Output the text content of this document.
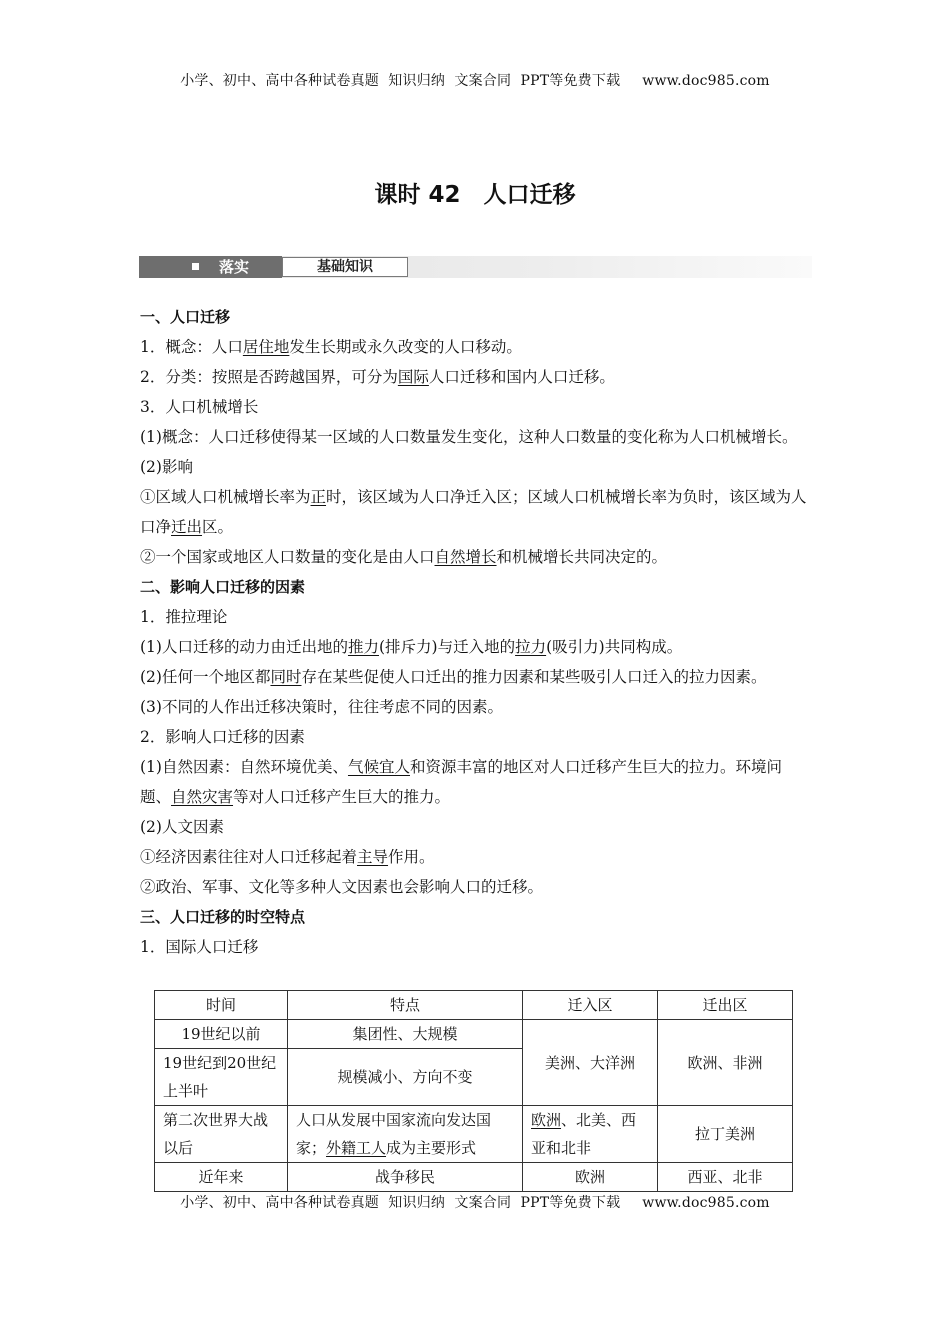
小学、初中、高中各种试卷真题  知识归纳  文案合同  PPT等免费下载 www.doc985.com
课时 42　人口迁移
落实	基础知识

一、人口迁移

1．概念：人口居住地发生长期或永久改变的人口移动。

2．分类：按照是否跨越国界，可分为国际人口迁移和国内人口迁移。

3．人口机械增长

(1)概念：人口迁移使得某一区域的人口数量发生变化，这种人口数量的变化称为人口机械增长。

(2)影响

①区域人口机械增长率为正时，该区域为人口净迁入区；区域人口机械增长率为负时，该区域为人口净迁出区。

②一个国家或地区人口数量的变化是由人口自然增长和机械增长共同决定的。

二、影响人口迁移的因素

1．推拉理论

(1)人口迁移的动力由迁出地的推力(排斥力)与迁入地的拉力(吸引力)共同构成。

(2)任何一个地区都同时存在某些促使人口迁出的推力因素和某些吸引人口迁入的拉力因素。

(3)不同的人作出迁移决策时，往往考虑不同的因素。

2．影响人口迁移的因素

(1)自然因素：自然环境优美、气候宜人和资源丰富的地区对人口迁移产生巨大的拉力。环境问题、自然灾害等对人口迁移产生巨大的推力。

(2)人文因素

①经济因素往往对人口迁移起着主导作用。

②政治、军事、文化等多种人文因素也会影响人口的迁移。

三、人口迁移的时空特点

1．国际人口迁移

时间	特点	迁入区	迁出区
19世纪以前	集团性、大规模	美洲、大洋洲	欧洲、非洲
19世纪到20世纪上半叶	规模减小、方向不变		
第二次世界大战以后	人口从发展中国家流向发达国家；外籍工人成为主要形式	欧洲、北美、西亚和北非	拉丁美洲
近年来	战争移民	欧洲	西亚、北非
小学、初中、高中各种试卷真题  知识归纳  文案合同  PPT等免费下载 www.doc985.com
